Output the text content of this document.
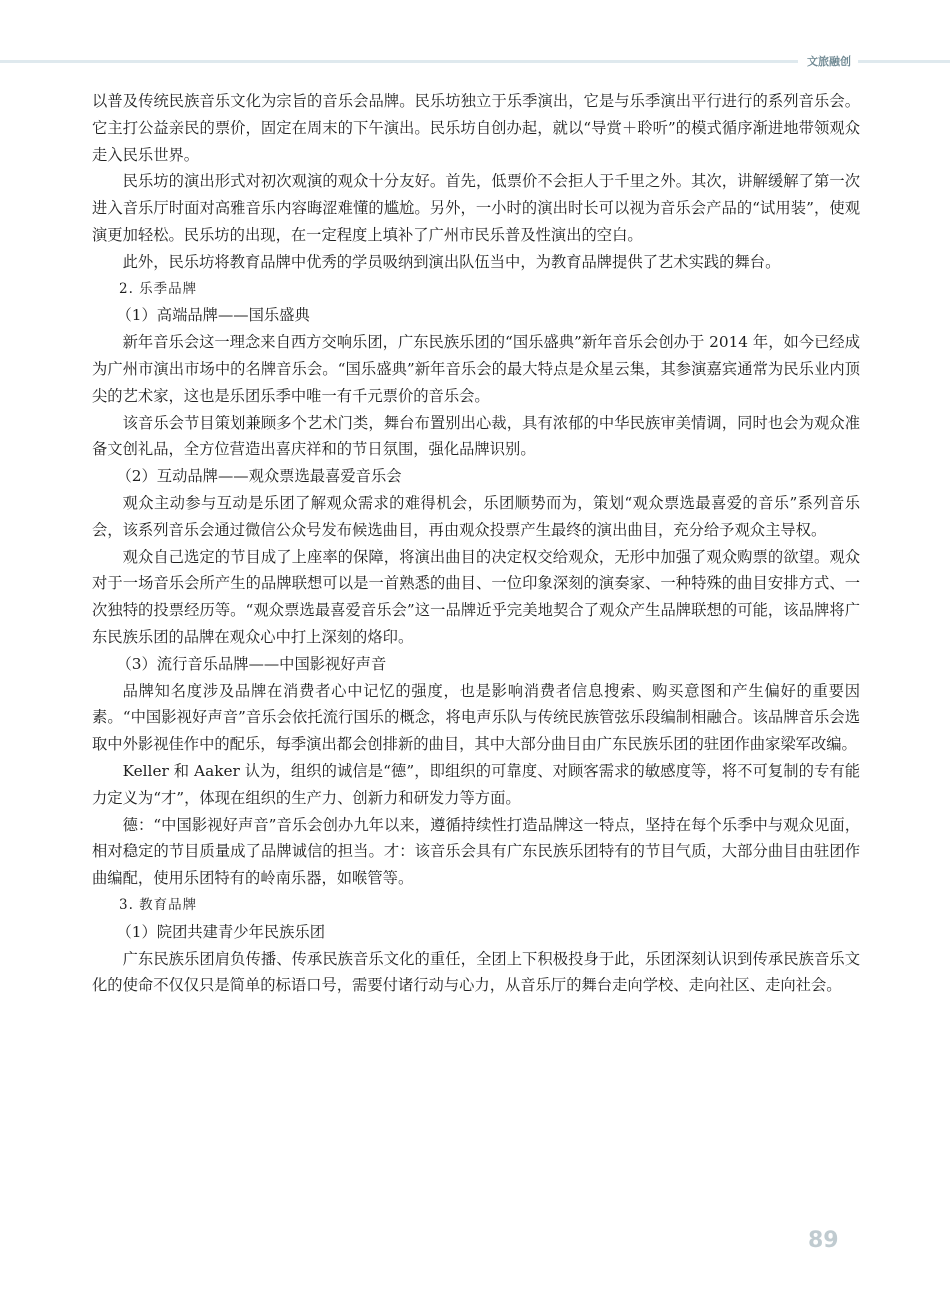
文旅融创

以普及传统民族音乐文化为宗旨的音乐会品牌。民乐坊独立于乐季演出，它是与乐季演出平行进行的系列音乐会。它主打公益亲民的票价，固定在周末的下午演出。民乐坊自创办起，就以“导赏＋聆听”的模式循序渐进地带领观众走入民乐世界。

民乐坊的演出形式对初次观演的观众十分友好。首先，低票价不会拒人于千里之外。其次，讲解缓解了第一次进入音乐厅时面对高雅音乐内容晦涩难懂的尴尬。另外，一小时的演出时长可以视为音乐会产品的“试用装”，使观演更加轻松。民乐坊的出现，在一定程度上填补了广州市民乐普及性演出的空白。

此外，民乐坊将教育品牌中优秀的学员吸纳到演出队伍当中，为教育品牌提供了艺术实践的舞台。

2. 乐季品牌

（1）高端品牌——国乐盛典

新年音乐会这一理念来自西方交响乐团，广东民族乐团的“国乐盛典”新年音乐会创办于 2014 年，如今已经成为广州市演出市场中的名牌音乐会。“国乐盛典”新年音乐会的最大特点是众星云集，其参演嘉宾通常为民乐业内顶尖的艺术家，这也是乐团乐季中唯一有千元票价的音乐会。

该音乐会节目策划兼顾多个艺术门类，舞台布置别出心裁，具有浓郁的中华民族审美情调，同时也会为观众准备文创礼品，全方位营造出喜庆祥和的节日氛围，强化品牌识别。

（2）互动品牌——观众票选最喜爱音乐会

观众主动参与互动是乐团了解观众需求的难得机会，乐团顺势而为，策划“观众票选最喜爱的音乐”系列音乐会，该系列音乐会通过微信公众号发布候选曲目，再由观众投票产生最终的演出曲目，充分给予观众主导权。

观众自己选定的节目成了上座率的保障，将演出曲目的决定权交给观众，无形中加强了观众购票的欲望。观众对于一场音乐会所产生的品牌联想可以是一首熟悉的曲目、一位印象深刻的演奏家、一种特殊的曲目安排方式、一次独特的投票经历等。“观众票选最喜爱音乐会”这一品牌近乎完美地契合了观众产生品牌联想的可能，该品牌将广东民族乐团的品牌在观众心中打上深刻的烙印。

（3）流行音乐品牌——中国影视好声音

品牌知名度涉及品牌在消费者心中记忆的强度，也是影响消费者信息搜索、购买意图和产生偏好的重要因素。“中国影视好声音”音乐会依托流行国乐的概念，将电声乐队与传统民族管弦乐段编制相融合。该品牌音乐会选取中外影视佳作中的配乐，每季演出都会创排新的曲目，其中大部分曲目由广东民族乐团的驻团作曲家梁军改编。

Keller 和 Aaker 认为，组织的诚信是“德”，即组织的可靠度、对顾客需求的敏感度等，将不可复制的专有能力定义为“才”，体现在组织的生产力、创新力和研发力等方面。

德：“中国影视好声音”音乐会创办九年以来，遵循持续性打造品牌这一特点，坚持在每个乐季中与观众见面，相对稳定的节目质量成了品牌诚信的担当。才：该音乐会具有广东民族乐团特有的节目气质，大部分曲目由驻团作曲编配，使用乐团特有的岭南乐器，如喉管等。

3. 教育品牌

（1）院团共建青少年民族乐团

广东民族乐团肩负传播、传承民族音乐文化的重任，全团上下积极投身于此，乐团深刻认识到传承民族音乐文化的使命不仅仅只是简单的标语口号，需要付诸行动与心力，从音乐厅的舞台走向学校、走向社区、走向社会。

89
